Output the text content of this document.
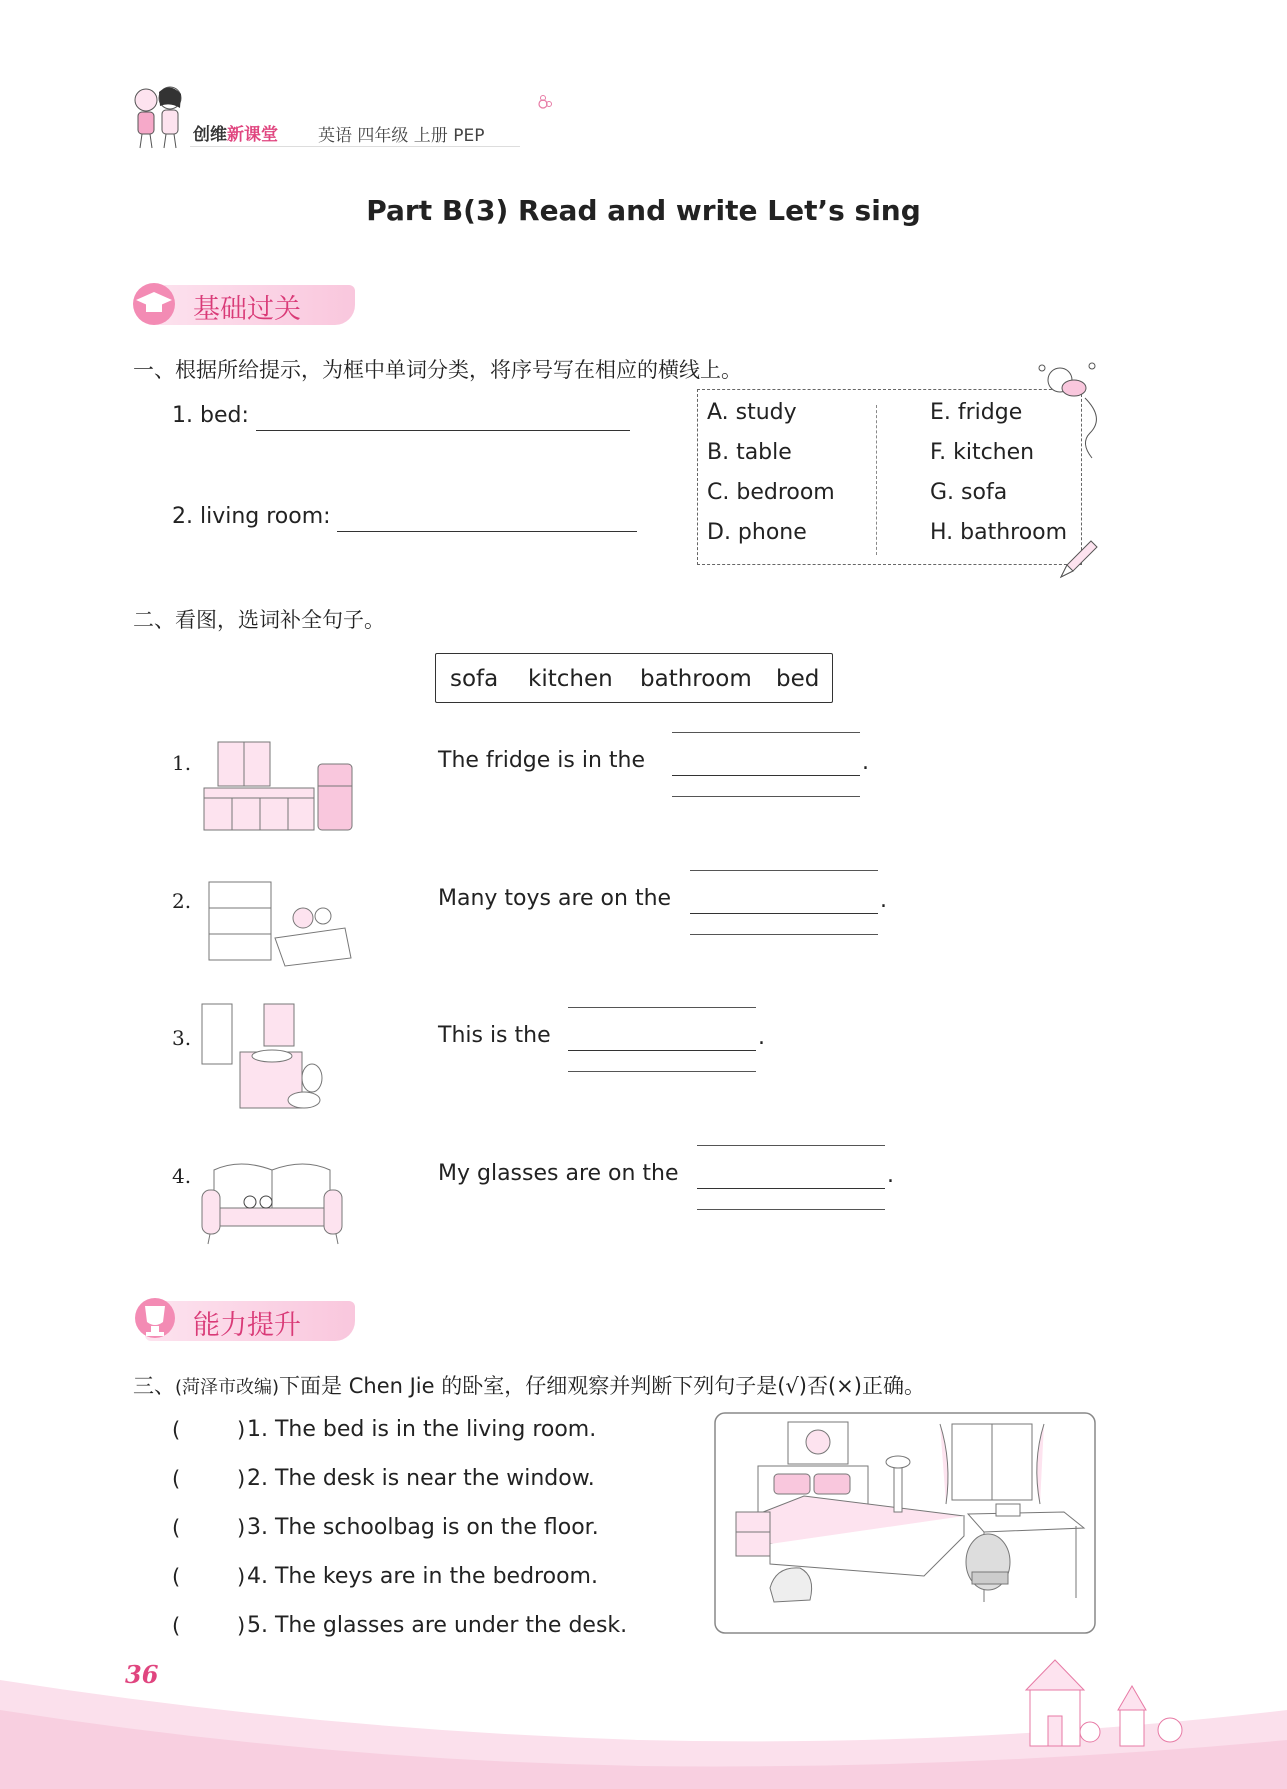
创维新课堂 英语 四年级 上册 PEP
Part B(3) Read and write Let’s sing
基础过关
一、根据所给提示，为框中单词分类，将序号写在相应的横线上。
1. bed:
2. living room:
A. study
B. table
C. bedroom
D. phone
E. fridge
F. kitchen
G. sofa
H. bathroom
二、看图，选词补全句子。
sofa kitchen bathroom bed
1.	The fridge is in the	.
2.	Many toys are on the	.
3.	This is the	.
4.	My glasses are on the	.
能力提升
三、(菏泽市改编)下面是 Chen Jie 的卧室，仔细观察并判断下列句子是(√)否(×)正确。
(	) 1. The bed is in the living room.
(	) 2. The desk is near the window.
(	) 3. The schoolbag is on the floor.
(	) 4. The keys are in the bedroom.
(	) 5. The glasses are under the desk.
36
